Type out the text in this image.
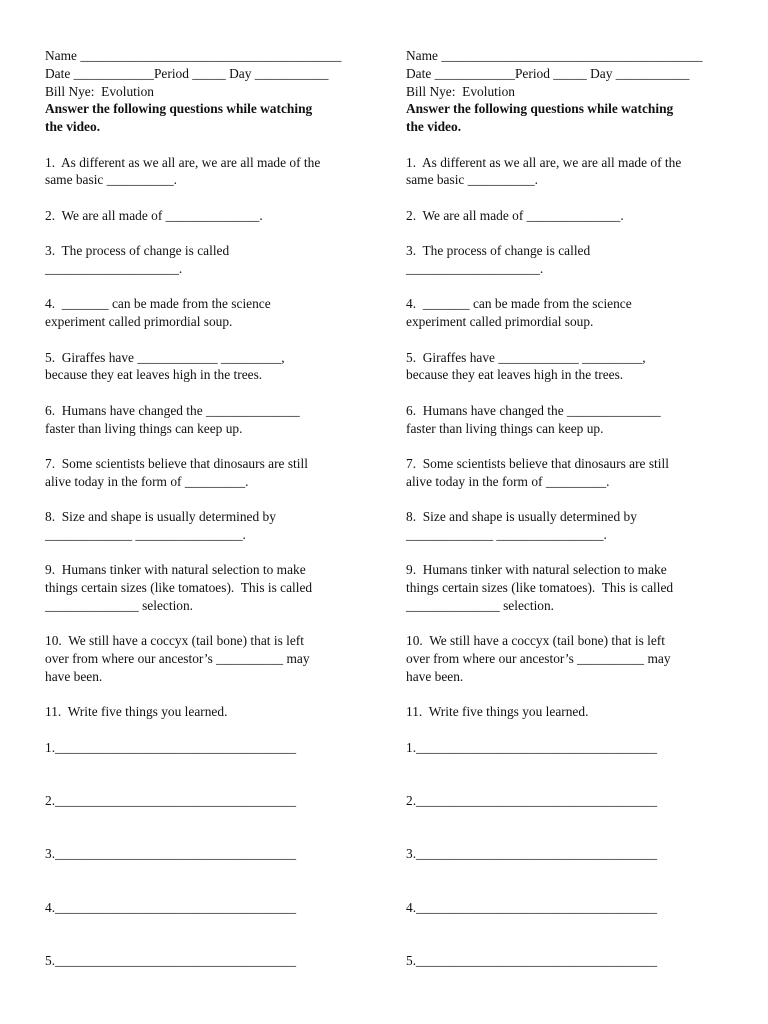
Name _______________________________________
Date ____________Period _____ Day ___________
Bill Nye:  Evolution
Answer the following questions while watching
the video.
1.  As different as we all are, we are all made of the
same basic __________.
2.  We are all made of ______________.
3.  The process of change is called
____________________.
4.  _______ can be made from the science
experiment called primordial soup.
5.  Giraffes have ____________ _________,
because they eat leaves high in the trees.
6.  Humans have changed the ______________
faster than living things can keep up.
7.  Some scientists believe that dinosaurs are still
alive today in the form of _________.
8.  Size and shape is usually determined by
_____________ ________________.
9.  Humans tinker with natural selection to make
things certain sizes (like tomatoes).  This is called
______________ selection.
10.  We still have a coccyx (tail bone) that is left
over from where our ancestor’s __________ may
have been.
11.  Write five things you learned.
1.____________________________________
2.____________________________________
3.____________________________________
4.____________________________________
5.____________________________________
Name _______________________________________
Date ____________Period _____ Day ___________
Bill Nye:  Evolution
Answer the following questions while watching
the video.
1.  As different as we all are, we are all made of the
same basic __________.
2.  We are all made of ______________.
3.  The process of change is called
____________________.
4.  _______ can be made from the science
experiment called primordial soup.
5.  Giraffes have ____________ _________,
because they eat leaves high in the trees.
6.  Humans have changed the ______________
faster than living things can keep up.
7.  Some scientists believe that dinosaurs are still
alive today in the form of _________.
8.  Size and shape is usually determined by
_____________ ________________.
9.  Humans tinker with natural selection to make
things certain sizes (like tomatoes).  This is called
______________ selection.
10.  We still have a coccyx (tail bone) that is left
over from where our ancestor’s __________ may
have been.
11.  Write five things you learned.
1.____________________________________
2.____________________________________
3.____________________________________
4.____________________________________
5.____________________________________
